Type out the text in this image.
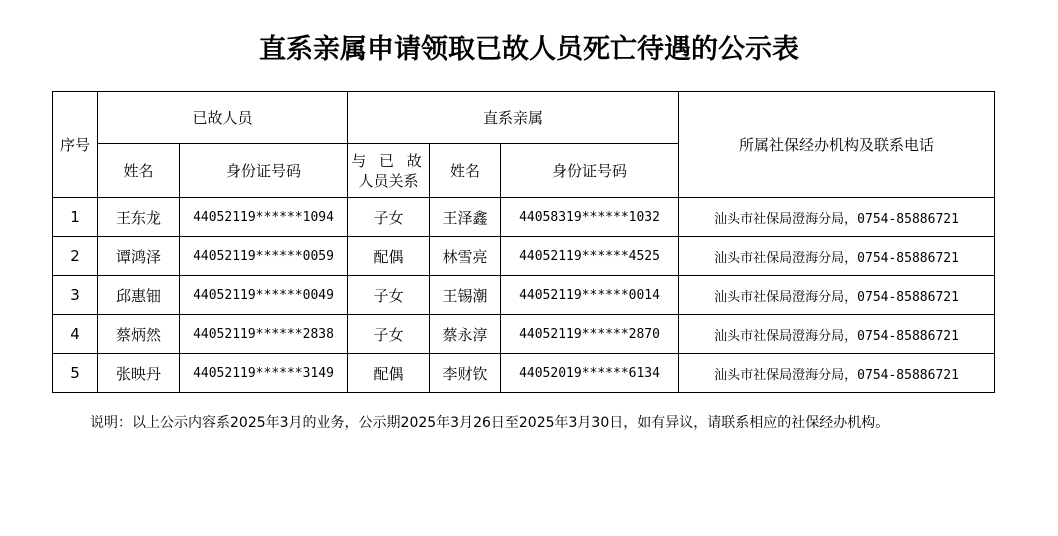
直系亲属申请领取已故人员死亡待遇的公示表
序号	已故人员		直系亲属			所属社保经办机构及联系电话
	姓名	身份证号码	与 已 故
人员关系	姓名	身份证号码	
1	王东龙	44052119******1094	子女	王泽鑫	44058319******1032	汕头市社保局澄海分局，0754-85886721
2	谭鸿泽	44052119******0059	配偶	林雪亮	44052119******4525	汕头市社保局澄海分局，0754-85886721
3	邱惠钿	44052119******0049	子女	王锡潮	44052119******0014	汕头市社保局澄海分局，0754-85886721
4	蔡炳然	44052119******2838	子女	蔡永淳	44052119******2870	汕头市社保局澄海分局，0754-85886721
5	张映丹	44052119******3149	配偶	李财钦	44052019******6134	汕头市社保局澄海分局，0754-85886721
说明：以上公示内容系2025年3月的业务，公示期2025年3月26日至2025年3月30日，如有异议，请联系相应的社保经办机构。
